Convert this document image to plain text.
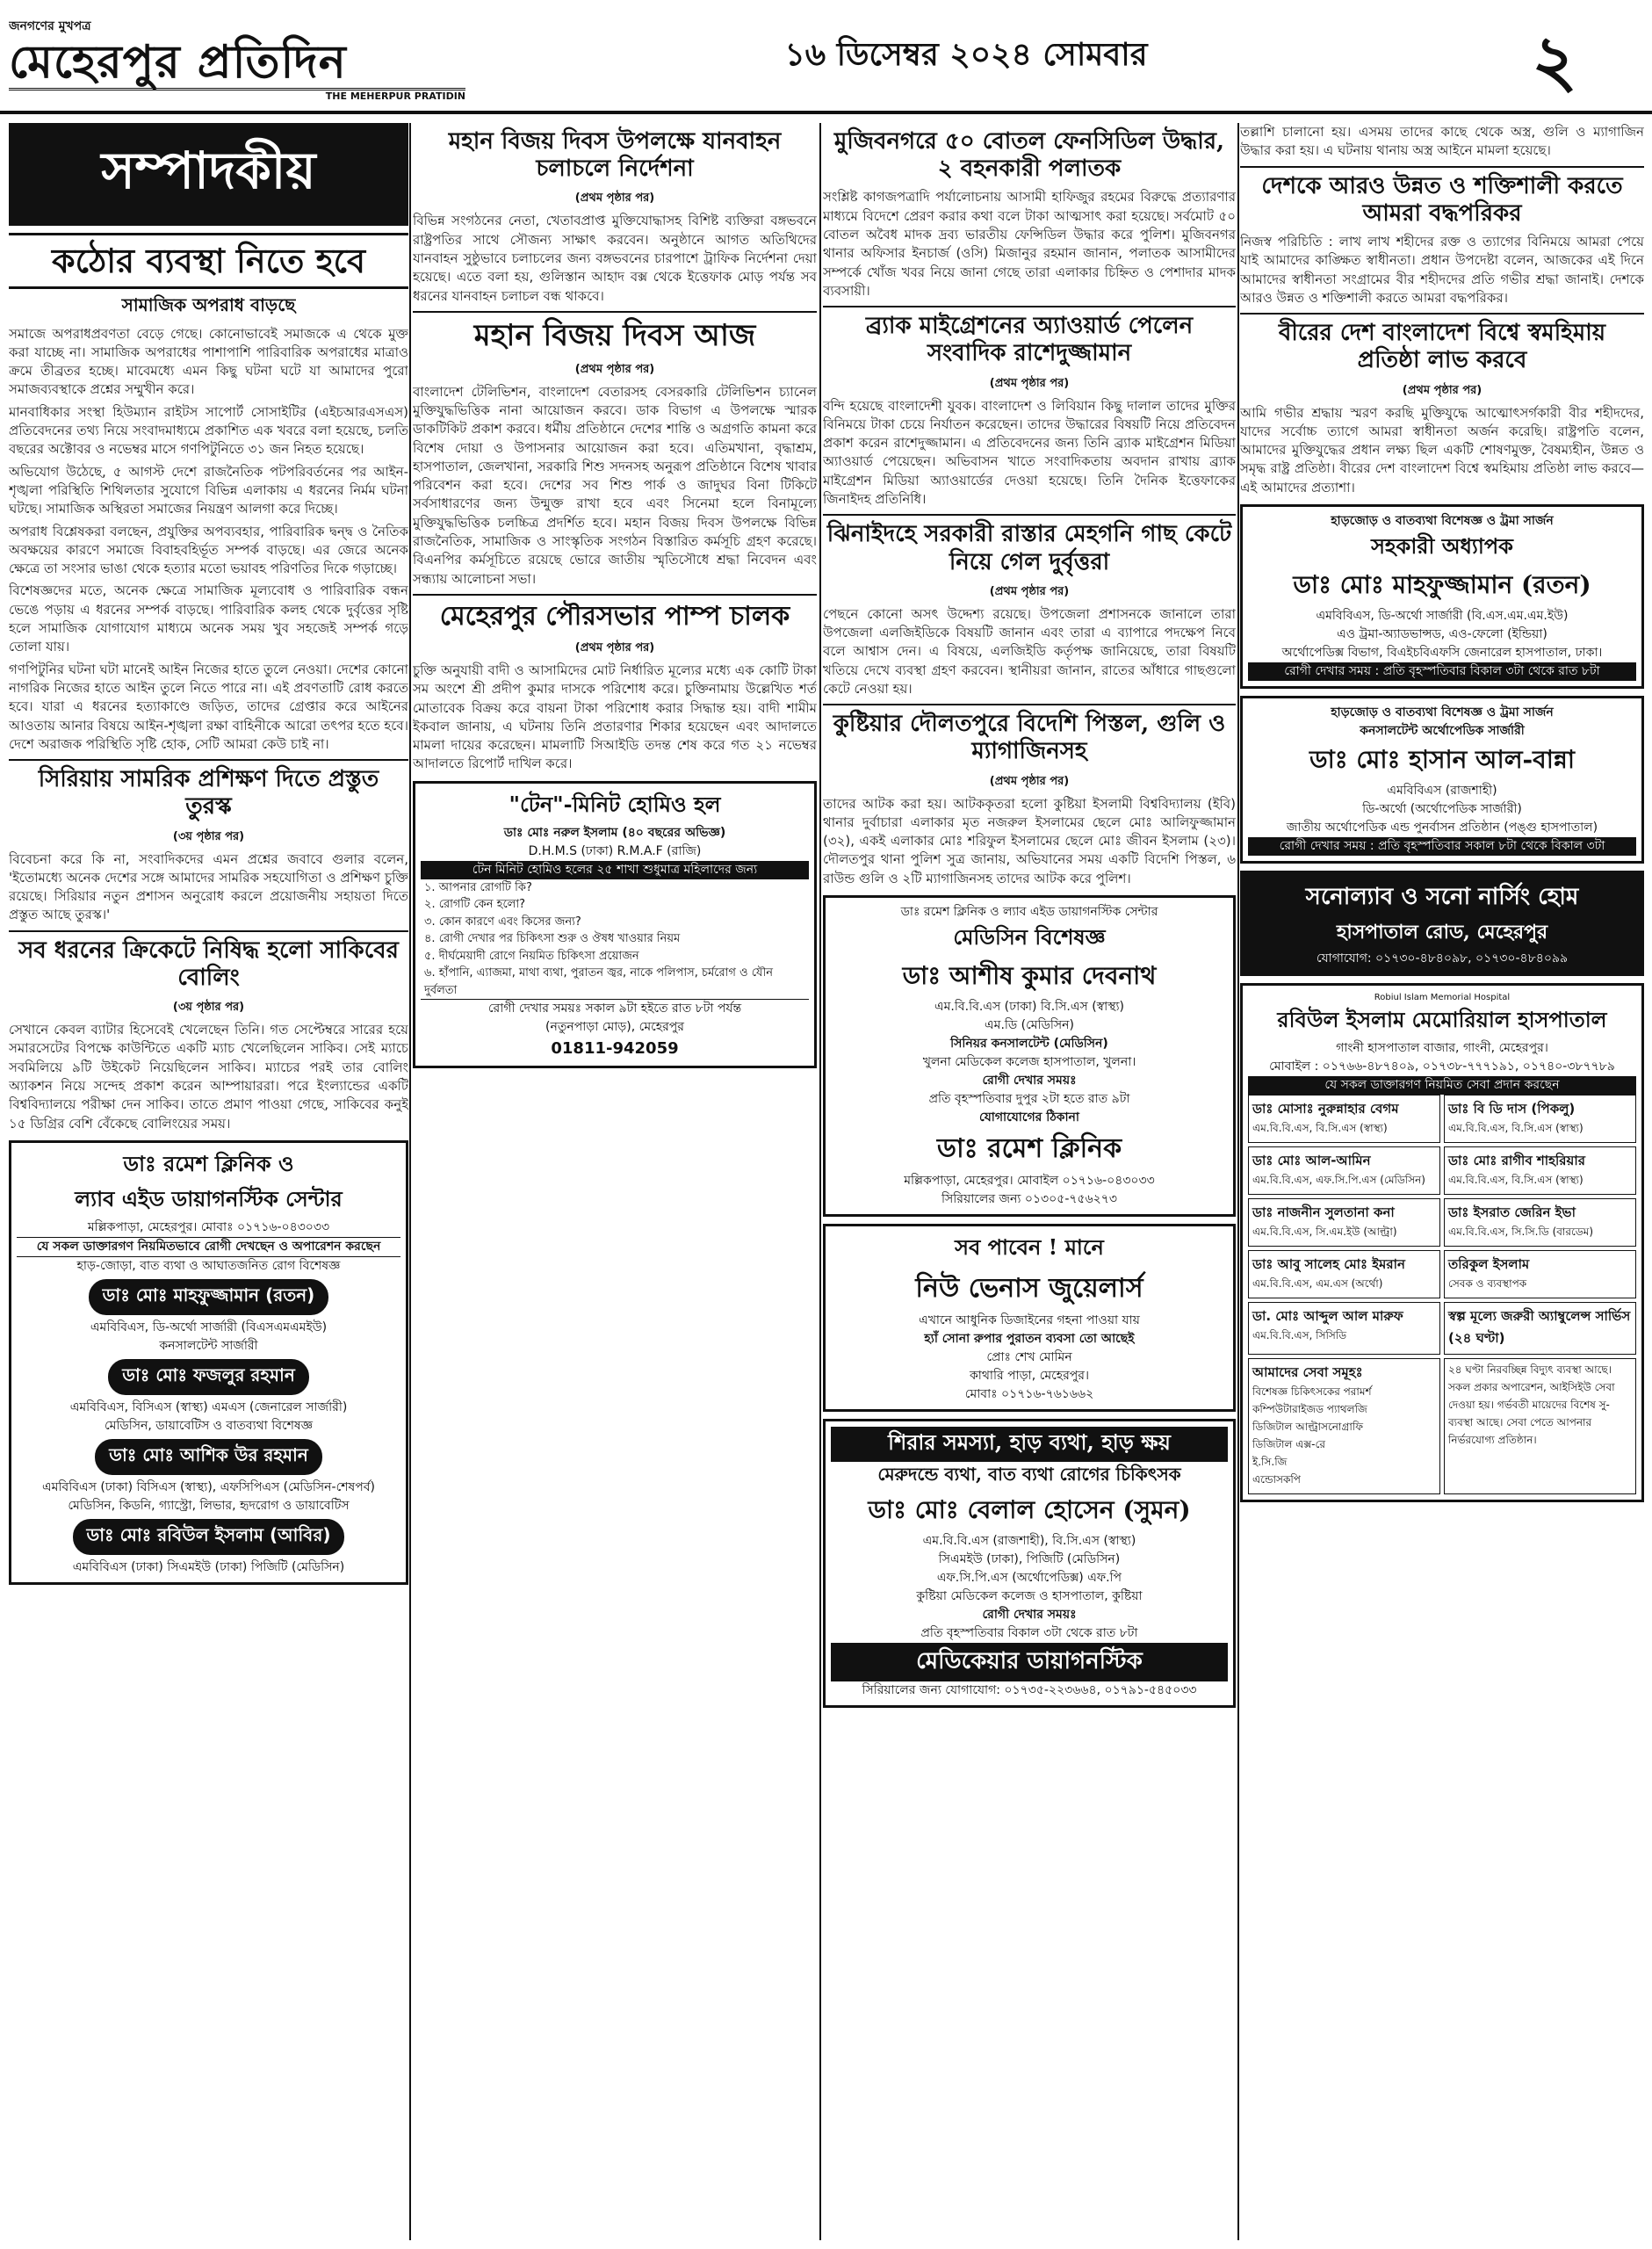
জনগণের মুখপত্র
মেহেরপুর প্রতিদিন
THE MEHERPUR PRATIDIN
১৬ ডিসেম্বর ২০২৪ সোমবার	২
সম্পাদকীয়
কঠোর ব্যবস্থা নিতে হবে
সামাজিক অপরাধ বাড়ছে

সমাজে অপরাধপ্রবণতা বেড়ে গেছে। কোনোভাবেই সমাজকে এ থেকে মুক্ত করা যাচ্ছে না। সামাজিক অপরাধের পাশাপাশি পারিবারিক অপরাধের মাত্রাও ক্রমে তীব্রতর হচ্ছে। মাবেমধ্যে এমন কিছু ঘটনা ঘটে যা আমাদের পুরো সমাজব্যবস্থাকে প্রশ্নের সম্মুখীন করে।

মানবাধিকার সংস্থা হিউম্যান রাইটস সাপোর্ট সোসাইটির (এইচআরএসএস) প্রতিবেদনের তথ্য নিয়ে সংবাদমাধ্যমে প্রকাশিত এক খবরে বলা হয়েছে, চলতি বছরের অক্টোবর ও নভেম্বর মাসে গণপিটুনিতে ৩১ জন নিহত হয়েছে।

অভিযোগ উঠেছে, ৫ আগস্ট দেশে রাজনৈতিক পটপরিবর্তনের পর আইন-শৃঙ্খলা পরিস্থিতি শিথিলতার সুযোগে বিভিন্ন এলাকায় এ ধরনের নির্মম ঘটনা ঘটছে। সামাজিক অস্থিরতা সমাজের নিয়ন্ত্রণ আলগা করে দিচ্ছে।

অপরাধ বিশ্লেষকরা বলছেন, প্রযুক্তির অপব্যবহার, পারিবারিক দ্বন্দ্ব ও নৈতিক অবক্ষয়ের কারণে সমাজে বিবাহবহির্ভূত সম্পর্ক বাড়ছে। এর জেরে অনেক ক্ষেত্রে তা সংসার ভাঙা থেকে হত্যার মতো ভয়াবহ পরিণতির দিকে গড়াচ্ছে।

বিশেষজ্ঞদের মতে, অনেক ক্ষেত্রে সামাজিক মূল্যবোধ ও পারিবারিক বন্ধন ভেঙে পড়ায় এ ধরনের সম্পর্ক বাড়ছে। পারিবারিক কলহ থেকে দুর্বৃত্তের সৃষ্টি হলে সামাজিক যোগাযোগ মাধ্যমে অনেক সময় খুব সহজেই সম্পর্ক গড়ে তোলা যায়।

গণপিটুনির ঘটনা ঘটা মানেই আইন নিজের হাতে তুলে নেওয়া। দেশের কোনো নাগরিক নিজের হাতে আইন তুলে নিতে পারে না। এই প্রবণতাটি রোধ করতে হবে। যারা এ ধরনের হত্যাকাণ্ডে জড়িত, তাদের গ্রেপ্তার করে আইনের আওতায় আনার বিষয়ে আইন-শৃঙ্খলা রক্ষা বাহিনীকে আরো তৎপর হতে হবে। দেশে অরাজক পরিস্থিতি সৃষ্টি হোক, সেটি আমরা কেউ চাই না।

সিরিয়ায় সামরিক প্রশিক্ষণ দিতে প্রস্তুত তুরস্ক
(৩য় পৃষ্ঠার পর)
বিবেচনা করে কি না, সংবাদিকদের এমন প্রশ্নের জবাবে গুলার বলেন, 'ইতোমধ্যে অনেক দেশের সঙ্গে আমাদের সামরিক সহযোগিতা ও প্রশিক্ষণ চুক্তি রয়েছে। সিরিয়ার নতুন প্রশাসন অনুরোধ করলে প্রয়োজনীয় সহায়তা দিতে প্রস্তুত আছে তুরস্ক।'
সব ধরনের ক্রিকেটে নিষিদ্ধ হলো সাকিবের বোলিং
(৩য় পৃষ্ঠার পর)
সেখানে কেবল ব্যাটার হিসেবেই খেলেছেন তিনি। গত সেপ্টেম্বরে সারের হয়ে সমারসেটের বিপক্ষে কাউন্টিতে একটি ম্যাচ খেলেছিলেন সাকিব। সেই ম্যাচে সবমিলিয়ে ৯টি উইকেট নিয়েছিলেন সাকিব। ম্যাচের পরই তার বোলিং অ্যাকশন নিয়ে সন্দেহ প্রকাশ করেন আম্পায়াররা। পরে ইংল্যান্ডের একটি বিশ্ববিদ্যালয়ে পরীক্ষা দেন সাকিব। তাতে প্রমাণ পাওয়া গেছে, সাকিবের কনুই ১৫ ডিগ্রির বেশি বেঁকেছে বোলিংয়ের সময়।
ডাঃ রমেশ ক্লিনিক ও
ল্যাব এইড ডায়াগনস্টিক সেন্টার
মল্লিকপাড়া, মেহেরপুর। মোবাঃ ০১৭১৬-০৪৩০৩৩
যে সকল ডাক্তারগণ নিয়মিতভাবে রোগী দেখছেন ও অপারেশন করছেন
হাড়-জোড়া, বাত ব্যথা ও আঘাতজনিত রোগ বিশেষজ্ঞ
ডাঃ মোঃ মাহফুজ্জামান (রতন)
এমবিবিএস, ডি-অর্থো সার্জারী (বিএসএমএমইউ)
কনসালটেন্ট সার্জারী
ডাঃ মোঃ ফজলুর রহমান
এমবিবিএস, বিসিএস (স্বাস্থ্য) এমএস (জেনারেল সার্জারী)
মেডিসিন, ডায়াবেটিস ও বাতব্যথা বিশেষজ্ঞ
ডাঃ মোঃ আশিক উর রহমান
এমবিবিএস (ঢাকা) বিসিএস (স্বাস্থ্য), এফসিপিএস (মেডিসিন-শেষপর্ব)
মেডিসিন, কিডনি, গ্যাস্ট্রো, লিভার, হৃদরোগ ও ডায়াবেটিস
ডাঃ মোঃ রবিউল ইসলাম (আবির)
এমবিবিএস (ঢাকা) সিএমইউ (ঢাকা) পিজিটি (মেডিসিন)
মহান বিজয় দিবস উপলক্ষে যানবাহন চলাচলে নির্দেশনা
(প্রথম পৃষ্ঠার পর)
বিভিন্ন সংগঠনের নেতা, খেতাবপ্রাপ্ত মুক্তিযোদ্ধাসহ বিশিষ্ট ব্যক্তিরা বঙ্গভবনে রাষ্ট্রপতির সাথে সৌজন্য সাক্ষাৎ করবেন। অনুষ্ঠানে আগত অতিথিদের যানবাহন সুষ্ঠুভাবে চলাচলের জন্য বঙ্গভবনের চারপাশে ট্রাফিক নির্দেশনা দেয়া হয়েছে। এতে বলা হয়, গুলিস্তান আহাদ বক্স থেকে ইত্তেফাক মোড় পর্যন্ত সব ধরনের যানবাহন চলাচল বন্ধ থাকবে।
মহান বিজয় দিবস আজ
(প্রথম পৃষ্ঠার পর)
বাংলাদেশ টেলিভিশন, বাংলাদেশ বেতারসহ বেসরকারি টেলিভিশন চ্যানেল মুক্তিযুদ্ধভিত্তিক নানা আয়োজন করবে। ডাক বিভাগ এ উপলক্ষে স্মারক ডাকটিকিট প্রকাশ করবে। ধর্মীয় প্রতিষ্ঠানে দেশের শান্তি ও অগ্রগতি কামনা করে বিশেষ দোয়া ও উপাসনার আয়োজন করা হবে। এতিমখানা, বৃদ্ধাশ্রম, হাসপাতাল, জেলখানা, সরকারি শিশু সদনসহ অনুরূপ প্রতিষ্ঠানে বিশেষ খাবার পরিবেশন করা হবে। দেশের সব শিশু পার্ক ও জাদুঘর বিনা টিকিটে সর্বসাধারণের জন্য উন্মুক্ত রাখা হবে এবং সিনেমা হলে বিনামূল্যে মুক্তিযুদ্ধভিত্তিক চলচ্চিত্র প্রদর্শিত হবে। মহান বিজয় দিবস উপলক্ষে বিভিন্ন রাজনৈতিক, সামাজিক ও সাংস্কৃতিক সংগঠন বিস্তারিত কর্মসূচি গ্রহণ করেছে। বিএনপির কর্মসূচিতে রয়েছে ভোরে জাতীয় স্মৃতিসৌধে শ্রদ্ধা নিবেদন এবং সন্ধ্যায় আলোচনা সভা।
মেহেরপুর পৌরসভার পাম্প চালক
(প্রথম পৃষ্ঠার পর)
চুক্তি অনুযায়ী বাদী ও আসামিদের মোট নির্ধারিত মূল্যের মধ্যে এক কোটি টাকা সম অংশে শ্রী প্রদীপ কুমার দাসকে পরিশোধ করে। চুক্তিনামায় উল্লেখিত শর্ত মোতাবেক বিক্রয় করে বায়না টাকা পরিশোধ করার সিদ্ধান্ত হয়। বাদী শামীম ইকবাল জানায়, এ ঘটনায় তিনি প্রতারণার শিকার হয়েছেন এবং আদালতে মামলা দায়ের করেছেন। মামলাটি সিআইডি তদন্ত শেষ করে গত ২১ নভেম্বর আদালতে রিপোর্ট দাখিল করে।
"টেন"-মিনিট হোমিও হল
ডাঃ মোঃ নরুল ইসলাম (৪০ বছরের অভিজ্ঞ)
D.H.M.S (ঢাকা) R.M.A.F (রাজি)
টেন মিনিট হোমিও হলের ২৫ শাখা শুধুমাত্র মহিলাদের জন্য
১. আপনার রোগটি কি?
২. রোগটি কেন হলো?
৩. কোন কারণে এবং কিসের জন্য?
৪. রোগী দেখার পর চিকিৎসা শুরু ও ঔষধ খাওয়ার নিয়ম
৫. দীর্ঘমেয়াদী রোগে নিয়মিত চিকিৎসা প্রয়োজন
৬. হাঁপানি, এ্যাজমা, মাথা ব্যথা, পুরাতন জ্বর, নাকে পলিপাস, চর্মরোগ ও যৌন দুর্বলতা
রোগী দেখার সময়ঃ সকাল ৯টা হইতে রাত ৮টা পর্যন্ত
(নতুনপাড়া মোড়), মেহেরপুর
01811-942059
মুজিবনগরে ৫০ বোতল ফেনসিডিল উদ্ধার, ২ বহনকারী পলাতক
সংশ্লিষ্ট কাগজপত্রাদি পর্যালোচনায় আসামী হাফিজুর রহমের বিরুদ্ধে প্রত্যারণার মাধ্যমে বিদেশে প্রেরণ করার কথা বলে টাকা আত্মসাৎ করা হয়েছে। সর্বমোট ৫০ বোতল অবৈধ মাদক দ্রব্য ভারতীয় ফেন্সিডিল উদ্ধার করে পুলিশ। মুজিবনগর থানার অফিসার ইনচার্জ (ওসি) মিজানুর রহমান জানান, পলাতক আসামীদের সম্পর্কে খোঁজ খবর নিয়ে জানা গেছে তারা এলাকার চিহ্নিত ও পেশাদার মাদক ব্যবসায়ী।
ব্র্যাক মাইগ্রেশনের অ্যাওয়ার্ড পেলেন সংবাদিক রাশেদুজ্জামান
(প্রথম পৃষ্ঠার পর)
বন্দি হয়েছে বাংলাদেশী যুবক। বাংলাদেশ ও লিবিয়ান কিছু দালাল তাদের মুক্তির বিনিময়ে টাকা চেয়ে নির্যাতন করেছেন। তাদের উদ্ধারের বিষয়টি নিয়ে প্রতিবেদন প্রকাশ করেন রাশেদুজ্জামান। এ প্রতিবেদনের জন্য তিনি ব্র্যাক মাইগ্রেশন মিডিয়া অ্যাওয়ার্ড পেয়েছেন। অভিবাসন খাতে সংবাদিকতায় অবদান রাখায় ব্র্যাক মাইগ্রেশন মিডিয়া অ্যাওয়ার্ডের দেওয়া হয়েছে। তিনি দৈনিক ইত্তেফাকের জিনাইদহ প্রতিনিধি।
ঝিনাইদহে সরকারী রাস্তার মেহগনি গাছ কেটে নিয়ে গেল দুর্বৃত্তরা
(প্রথম পৃষ্ঠার পর)
পেছনে কোনো অসৎ উদ্দেশ্য রয়েছে। উপজেলা প্রশাসনকে জানালে তারা উপজেলা এলজিইডিকে বিষয়টি জানান এবং তারা এ ব্যাপারে পদক্ষেপ নিবে বলে আশ্বাস দেন। এ বিষয়ে, এলজিইডি কর্তৃপক্ষ জানিয়েছে, তারা বিষয়টি খতিয়ে দেখে ব্যবস্থা গ্রহণ করবেন। স্থানীয়রা জানান, রাতের আঁধারে গাছগুলো কেটে নেওয়া হয়।
কুষ্টিয়ার দৌলতপুরে বিদেশি পিস্তল, গুলি ও ম্যাগাজিনসহ
(প্রথম পৃষ্ঠার পর)
তাদের আটক করা হয়। আটককৃতরা হলো কুষ্টিয়া ইসলামী বিশ্ববিদ্যালয় (ইবি) থানার দুর্বাচারা এলাকার মৃত নজরুল ইসলামের ছেলে মোঃ আলিফুজ্জামান (৩২), একই এলাকার মোঃ শরিফুল ইসলামের ছেলে মোঃ জীবন ইসলাম (২৩)। দৌলতপুর থানা পুলিশ সুত্র জানায়, অভিযানের সময় একটি বিদেশি পিস্তল, ৬ রাউন্ড গুলি ও ২টি ম্যাগাজিনসহ তাদের আটক করে পুলিশ।
ডাঃ রমেশ ক্লিনিক ও ল্যাব এইড ডায়াগনস্টিক সেন্টার
মেডিসিন বিশেষজ্ঞ
ডাঃ আশীষ কুমার দেবনাথ
এম.বি.বি.এস (ঢাকা) বি.সি.এস (স্বাস্থ্য)
এম.ডি (মেডিসিন)
সিনিয়র কনসালটেন্ট (মেডিসিন)
খুলনা মেডিকেল কলেজ হাসপাতাল, খুলনা।
রোগী দেখার সময়ঃ
প্রতি বৃহস্পতিবার দুপুর ২টা হতে রাত ৯টা
যোগাযোগের ঠিকানা
ডাঃ রমেশ ক্লিনিক
মল্লিকপাড়া, মেহেরপুর। মোবাইল ০১৭১৬-০৪৩০৩৩
সিরিয়ালের জন্য ০১৩০৫-৭৫৬২৭৩
সব পাবেন ! মানে
নিউ ভেনাস জুয়েলার্স
এখানে আধুনিক ডিজাইনের গহনা পাওয়া যায়
হ্যাঁ সোনা রুপার পুরাতন ব্যবসা তো আছেই
প্রোঃ শেখ মোমিন
কাথারি পাড়া, মেহেরপুর।
মোবাঃ ০১৭১৬-৭৬১৬৬২
শিরার সমস্যা, হাড় ব্যথা, হাড় ক্ষয়
মেরুদন্ডে ব্যথা, বাত ব্যথা রোগের চিকিৎসক
ডাঃ মোঃ বেলাল হোসেন (সুমন)
এম.বি.বি.এস (রাজশাহী), বি.সি.এস (স্বাস্থ্য)
সিএমইউ (ঢাকা), পিজিটি (মেডিসিন)
এফ.সি.পি.এস (অর্থোপেডিক্স) এফ.পি
কুষ্টিয়া মেডিকেল কলেজ ও হাসপাতাল, কুষ্টিয়া
রোগী দেখার সময়ঃ
প্রতি বৃহস্পতিবার বিকাল ৩টা থেকে রাত ৮টা
মেডিকেয়ার ডায়াগনস্টিক
সিরিয়ালের জন্য যোগাযোগ: ০১৭৩৫-২২৩৬৬৪, ০১৭৯১-৫৪৫০৩৩
তল্লাশি চালানো হয়। এসময় তাদের কাছে থেকে অস্ত্র, গুলি ও ম্যাগাজিন উদ্ধার করা হয়। এ ঘটনায় থানায় অস্ত্র আইনে মামলা হয়েছে।
দেশকে আরও উন্নত ও শক্তিশালী করতে আমরা বদ্ধপরিকর
নিজস্ব পরিচিতি : লাখ লাখ শহীদের রক্ত ও ত্যাগের বিনিময়ে আমরা পেয়ে যাই আমাদের কাঙ্ক্ষিত স্বাধীনতা। প্রধান উপদেষ্টা বলেন, আজকের এই দিনে আমাদের স্বাধীনতা সংগ্রামের বীর শহীদদের প্রতি গভীর শ্রদ্ধা জানাই। দেশকে আরও উন্নত ও শক্তিশালী করতে আমরা বদ্ধপরিকর।
বীরের দেশ বাংলাদেশ বিশ্বে স্বমহিমায় প্রতিষ্ঠা লাভ করবে
(প্রথম পৃষ্ঠার পর)
আমি গভীর শ্রদ্ধায় স্মরণ করছি মুক্তিযুদ্ধে আত্মোৎসর্গকারী বীর শহীদদের, যাদের সর্বোচ্চ ত্যাগে আমরা স্বাধীনতা অর্জন করেছি। রাষ্ট্রপতি বলেন, আমাদের মুক্তিযুদ্ধের প্রধান লক্ষ্য ছিল একটি শোষণমুক্ত, বৈষম্যহীন, উন্নত ও সমৃদ্ধ রাষ্ট্র প্রতিষ্ঠা। বীরের দেশ বাংলাদেশ বিশ্বে স্বমহিমায় প্রতিষ্ঠা লাভ করবে—এই আমাদের প্রত্যাশা।
হাড়জোড় ও বাতব্যথা বিশেষজ্ঞ ও ট্রমা সার্জন
সহকারী অধ্যাপক
ডাঃ মোঃ মাহফুজ্জামান (রতন)
এমবিবিএস, ডি-অর্থো সার্জারী (বি.এস.এম.এম.ইউ)
এও ট্রমা-অ্যাডভান্সড, এও-ফেলো (ইন্ডিয়া)
অর্থোপেডিক্স বিভাগ, বিএইচবিএফসি জেনারেল হাসপাতাল, ঢাকা।
রোগী দেখার সময় : প্রতি বৃহস্পতিবার বিকাল ৩টা থেকে রাত ৮টা
হাড়জোড় ও বাতব্যথা বিশেষজ্ঞ ও ট্রমা সার্জন
কনসালটেন্ট অর্থোপেডিক সার্জারী
ডাঃ মোঃ হাসান আল-বান্না
এমবিবিএস (রাজশাহী)
ডি-অর্থো (অর্থোপেডিক সার্জারী)
জাতীয় অর্থোপেডিক এন্ড পুনর্বাসন প্রতিষ্ঠান (পঙ্গু হাসপাতাল)
রোগী দেখার সময় : প্রতি বৃহস্পতিবার সকাল ৮টা থেকে বিকাল ৩টা
সনোল্যাব ও সনো নার্সিং হোম
হাসপাতাল রোড, মেহেরপুর
যোগাযোগ: ০১৭৩০-৪৮৪০৯৮, ০১৭৩০-৪৮৪০৯৯
Robiul Islam Memorial Hospital
রবিউল ইসলাম মেমোরিয়াল হাসপাতাল
গাংনী হাসপাতাল বাজার, গাংনী, মেহেরপুর।
মোবাইল : ০১৭৬৬-৪৮৭৪০৯, ০১৭৩৮-৭৭৭১৯১, ০১৭৪০-৩৮৭৭৮৯
যে সকল ডাক্তারগণ নিয়মিত সেবা প্রদান করছেন
ডাঃ মোসাঃ নুরুন্নাহার বেগম
এম.বি.বি.এস, বি.সি.এস (স্বাস্থ্য)
ডাঃ বি ডি দাস (পিকলু)
এম.বি.বি.এস, বি.সি.এস (স্বাস্থ্য)
ডাঃ মোঃ আল-আমিন
এম.বি.বি.এস, এফ.সি.পি.এস (মেডিসিন)
ডাঃ মোঃ রাগীব শাহরিয়ার
এম.বি.বি.এস, বি.সি.এস (স্বাস্থ্য)
ডাঃ নাজনীন সুলতানা কনা
এম.বি.বি.এস, সি.এম.ইউ (আল্ট্রা)
ডাঃ ইসরাত জেরিন ইভা
এম.বি.বি.এস, সি.সি.ডি (বারডেম)
ডাঃ আবু সালেহ মোঃ ইমরান
এম.বি.বি.এস, এম.এস (অর্থো)
তরিকুল ইসলাম
সেবক ও ব্যবস্থাপক
ডা. মোঃ আব্দুল আল মারুফ
এম.বি.বি.এস, সিসিডি
স্বল্প মূল্যে জরুরী অ্যাম্বুলেন্স সার্ভিস (২৪ ঘণ্টা)
আমাদের সেবা সমূহঃ
বিশেষজ্ঞ চিকিৎসকের পরামর্শ
কম্পিউটারাইজড প্যাথলজি
ডিজিটাল আল্ট্রাসনোগ্রাফি
ডিজিটাল এক্স-রে
ই.সি.জি
এন্ডোসকপি
২৪ ঘণ্টা নিরবচ্ছিন্ন বিদ্যুৎ ব্যবস্থা আছে। সকল প্রকার অপারেশন, আইসিইউ সেবা দেওয়া হয়। গর্ভবতী মায়েদের বিশেষ সু-ব্যবস্থা আছে। সেবা পেতে আপনার নির্ভরযোগ্য প্রতিষ্ঠান।
